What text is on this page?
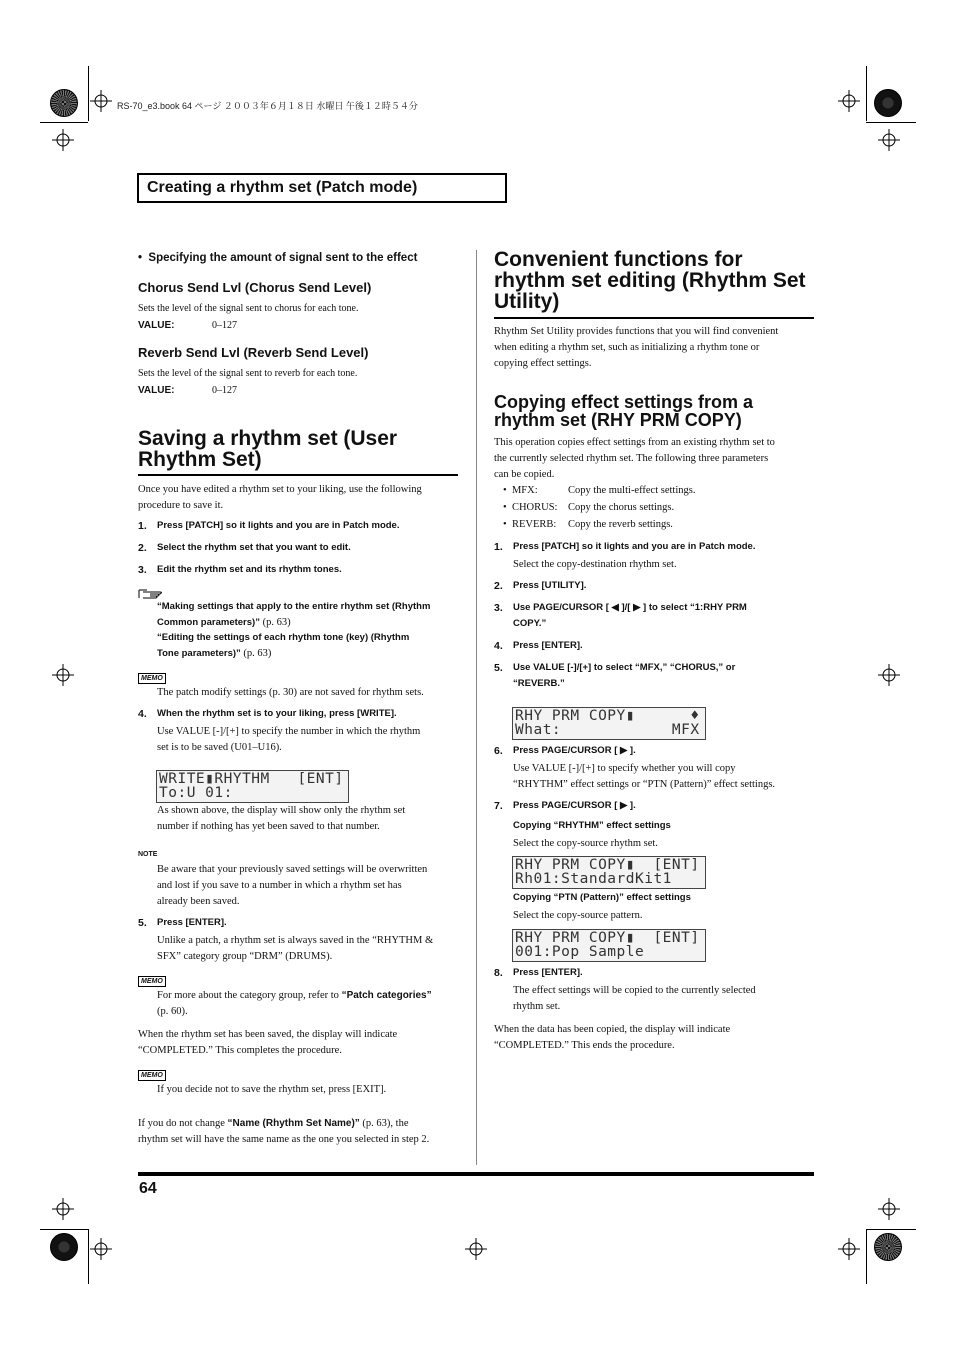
RS-70_e3.book 64 ページ ２００３年６月１８日 水曜日 午後１２時５４分
Creating a rhythm set (Patch mode)
•  Specifying the amount of signal sent to the effect
Chorus Send Lvl (Chorus Send Level)
Sets the level of the signal sent to chorus for each tone.
VALUE:	0–127
Reverb Send Lvl (Reverb Send Level)
Sets the level of the signal sent to reverb for each tone.
VALUE:	0–127
Saving a rhythm set (User
Rhythm Set)
Once you have edited a rhythm set to your liking, use the following
procedure to save it.
1. Press [PATCH] so it lights and you are in Patch mode.
2. Select the rhythm set that you want to edit.
3. Edit the rhythm set and its rhythm tones.
“Making settings that apply to the entire rhythm set (Rhythm
Common parameters)” (p. 63)
“Editing the settings of each rhythm tone (key) (Rhythm
Tone parameters)” (p. 63)
MEMO
The patch modify settings (p. 30) are not saved for rhythm sets.
4. When the rhythm set is to your liking, press [WRITE].
Use VALUE [-]/[+] to specify the number in which the rhythm
set is to be saved (U01–U16).
WRITE▮RHYTHM   [ENT]
To:U 01:
As shown above, the display will show only the rhythm set
number if nothing has yet been saved to that number.
NOTE
Be aware that your previously saved settings will be overwritten
and lost if you save to a number in which a rhythm set has
already been saved.
5. Press [ENTER].
Unlike a patch, a rhythm set is always saved in the “RHYTHM &
SFX” category group “DRM” (DRUMS).
MEMO
For more about the category group, refer to “Patch categories”
(p. 60).
When the rhythm set has been saved, the display will indicate
“COMPLETED.” This completes the procedure.
MEMO
If you decide not to save the rhythm set, press [EXIT].
If you do not change “Name (Rhythm Set Name)” (p. 63), the
rhythm set will have the same name as the one you selected in step 2.
Convenient functions for
rhythm set editing (Rhythm Set
Utility)
Rhythm Set Utility provides functions that you will find convenient
when editing a rhythm set, such as initializing a rhythm tone or
copying effect settings.
Copying effect settings from a
rhythm set (RHY PRM COPY)
This operation copies effect settings from an existing rhythm set to
the currently selected rhythm set. The following three parameters
can be copied.
•  MFX:	Copy the multi-effect settings.
•  CHORUS: Copy the chorus settings.
•  REVERB: Copy the reverb settings.
1. Press [PATCH] so it lights and you are in Patch mode.
Select the copy-destination rhythm set.
2. Press [UTILITY].
3. Use PAGE/CURSOR [ ◀ ]/[ ▶ ] to select “1:RHY PRM
COPY.”
4. Press [ENTER].
5. Use VALUE [-]/[+] to select “MFX,” “CHORUS,” or
“REVERB.”
RHY PRM COPY▮      ♦
What:            MFX
6. Press PAGE/CURSOR [ ▶ ].
Use VALUE [-]/[+] to specify whether you will copy
“RHYTHM” effect settings or “PTN (Pattern)” effect settings.
7. Press PAGE/CURSOR [ ▶ ].
Copying “RHYTHM” effect settings
Select the copy-source rhythm set.
RHY PRM COPY▮  [ENT]
Rh01:StandardKit1
Copying “PTN (Pattern)” effect settings
Select the copy-source pattern.
RHY PRM COPY▮  [ENT]
001:Pop Sample
8. Press [ENTER].
The effect settings will be copied to the currently selected
rhythm set.
When the data has been copied, the display will indicate
“COMPLETED.” This ends the procedure.
64
